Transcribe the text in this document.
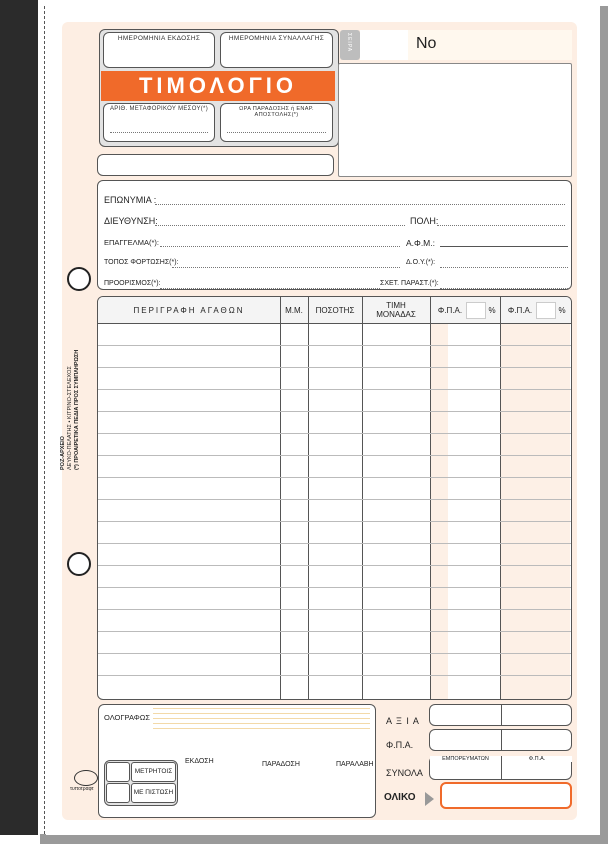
ΗΜΕΡΟΜΗΝΙΑ ΕΚΔΟΣΗΣ	ΗΜΕΡΟΜΗΝΙΑ ΣΥΝΑΛΛΑΓΗΣ
ΤΙΜΟΛΟΓΙΟ
ΑΡΙΘ. ΜΕΤΑΦΟΡΙΚΟΥ ΜΕΣΟΥ(*)	ΩΡΑ ΠΑΡΑΔΟΣΗΣ ή ΕΝΑΡ. ΑΠΟΣΤΟΛΗΣ(*)
ΣΕΙΡΑ	No
ΕΠΩΝΥΜΙΑ :
ΔΙΕΥΘΥΝΣΗ:	ΠΟΛΗ:
ΕΠΑΓΓΕΛΜΑ(*):	Α.Φ.Μ.:
ΤΟΠΟΣ ΦΟΡΤΩΣΗΣ(*):	Δ.Ο.Υ.(*):
ΠΡΟΟΡΙΣΜΟΣ(*):	ΣΧΕΤ. ΠΑΡΑΣΤ.(*):
ΠΕΡΙΓΡΑΦΗ ΑΓΑΘΩΝ	Μ.Μ.	ΠΟΣΟΤΗΣ	ΤΙΜΗ ΜΟΝΑΔΑΣ	Φ.Π.Α.	%	Φ.Π.Α.	%
ΡΟΖ-ΑΡΧΕΙΟ ΛΕΥΚΟ-ΠΕΛΑΤΗΣ • ΚΙΤΡΙΝΟ-ΣΤΕΛΕΧΟΣ (*) ΠΡΟΑΙΡΕΤΙΚΑ ΠΕΔΙΑ ΠΡΟΣ ΣΥΜΠΛΗΡΩΣΗ
ΟΛΟΓΡΑΦΩΣ
ΕΚΔΟΣΗ	ΠΑΡΑΔΟΣΗ	ΠΑΡΑΛΑΒΗ
ΜΕΤΡΗΤΟΙΣ
ΜΕ ΠΙΣΤΩΣΗ
τυποτραφτ
Α Ξ Ι Α
Φ.Π.Α.
ΣΥΝΟΛΑ
ΟΛΙΚΟ
ΕΜΠΟΡΕΥΜΑΤΩΝ	Φ.Π.Α.
